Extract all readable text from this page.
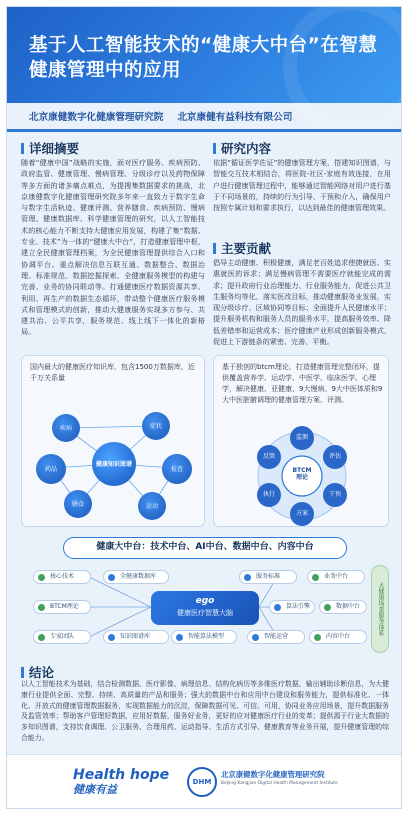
基于人工智能技术的“健康大中台”在智慧健康管理中的应用
北京康健数字化健康管理研究院 北京康健有益科技有限公司
详细摘要
随着“健康中国”战略的实施，面对医疗服务、疾病预防、政府监管、健康管理、慢病管理、分级诊疗以及药物保障等多方面的诸多痛点难点，为提搜集数据要求的挑战，北京康健数字化健康管理研究院多年来一直致力于数字生命与数字生活轨迹、健康评测、营养膳食、疾病预防、慢病管理、健康数据库、科学健康管理的研究，以人工智能技术的核心能力不断支持大健康应用发展，构建了集“数据、专业、技术”为一体的“健康大中台”，打造健康管理中枢，建立全民健康管理档案，为全民健康管理提供综合入口和协调平台。重点解决信息互联互通、数据整合、数据治理、标准规范、数据挖掘探索、全健康服务模型的构建与完善、业务的协同联动等。打通健康医疗数据资源共享、利用、再生产的数据生态循环，带动整个健康医疗服务模式和管理模式的创新，推动大健康服务实现多方参与、共建共治、公平共享，服务规范、线上线下一体化的新格局。
研究内容
依据“循证医学佐证”的健康管理方案，搭建知识图谱，与智能交互技术相结合，将医院-社区-家庭有效连接，在用户进行健康管理过程中，能够通过智能网络对用户进行基于不同场景的，持续的行为引导、干预和介入，确保用户按照专属计划和要求执行，以达到最佳的健康管理效果。
主要贡献
倡导主动健康、积极健康，满足老百姓追求使捷就医、实惠就医的诉求；满足慢病管理不需要医疗就能完成的需求；提升政府行业治理能力、行业服务能力，促进公共卫生服务均等化，落实医改目标，推动健康服务业发展，实现分级诊疗、区域协同等目标；全面提升人民健康水平；提升服务机构和服务人员的服务水平，提高服务效率、降低差错率和运营成本；医疗健康产业形成创新服务模式，促进上下游链条的紧密、完善、平衡。
国内最大的健康医疗知识库，包含1500万数据库，近千万关系量
健康知识图谱
疾病	症状
药品	检查
膳食	运动
基于独创的btcm理论，打造健康管理完整闭环，提供覆盖营养学、运动学、中医学、临床医学、心理学，解决健康、亚健康、9大慢病、9大中医体质和9大中医脏腑调理的健康管理方案、评测。
BTCM
理论
监测
评估
干预
方案
执行
反馈
健康大中台：技术中台、AI中台、数据中台、内容中台
核心技术
BTCM理论
专家团队
全健康数据库
知识图谱库	智能算法模型
ego
健康医疗智慧大脑
服务标准
算法引擎
智能运营
业务中台
数据中台
内容中台
大健康场景服务体系
结论
以人工智能技术为基础，结合检测数据、医疗影像、病理信息、结构化病历等多维医疗数据，输出辅助诊断信息，为大健康行业提供全面、完整、持续、高质量的产品和服务；强大的数据中台和应用中台建设和服务能力，提供标准化、一体化、开放式的健康管理数据服务，实现数据能力的沉淀，保障数据可见、可信、可用，协同业务应用场景，提升数据服务及监管效率；帮助客户管理好数据，应用好数据，服务好业务，更好的应对健康医疗行业的变革；提供源于行业大数据的多知识图谱，支持饮食调理、公卫服务、合理用药、运动指导、生活方式引导、健康教育等业务开展，提升健康管理的综合能力。
Health hope
健康有益
DHM
北京康健数字化健康管理研究院
Beijing Kangjian Digital Health Management Institute
